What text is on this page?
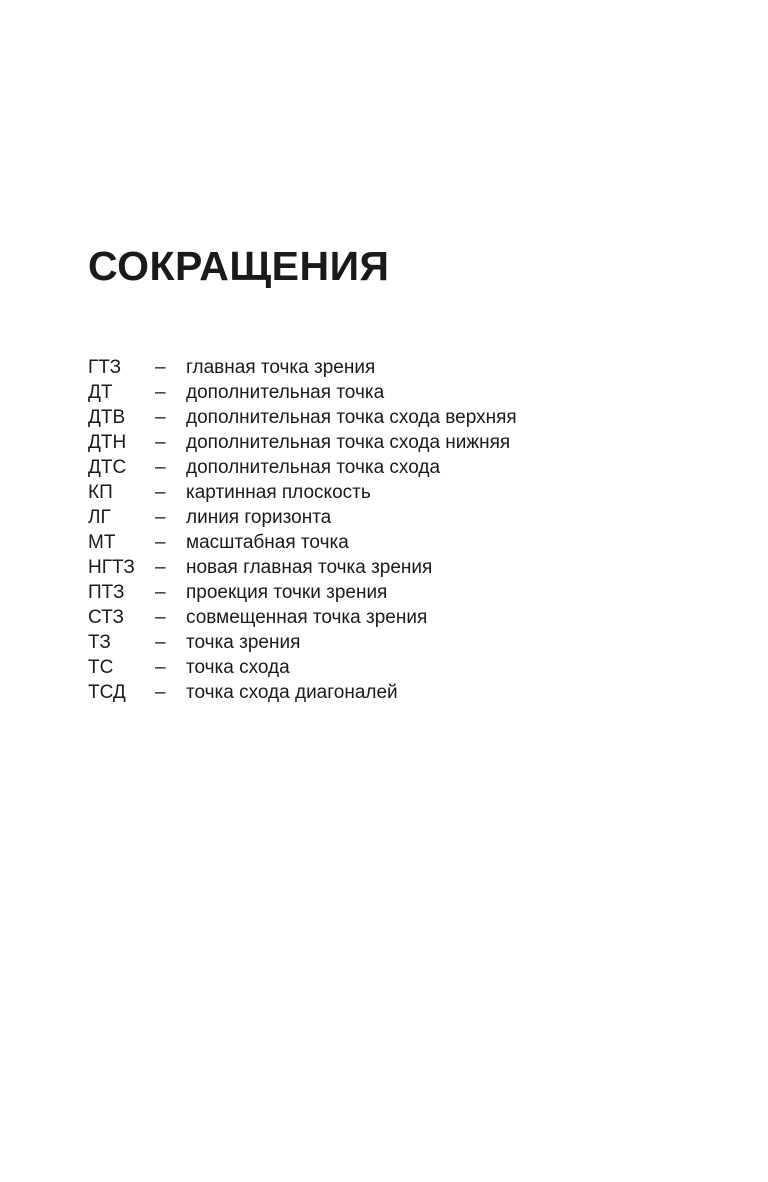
СОКРАЩЕНИЯ
ГТЗ – главная точка зрения
ДТ – дополнительная точка
ДТВ – дополнительная точка схода верхняя
ДТН – дополнительная точка схода нижняя
ДТС – дополнительная точка схода
КП – картинная плоскость
ЛГ – линия горизонта
МТ – масштабная точка
НГТЗ – новая главная точка зрения
ПТЗ – проекция точки зрения
СТЗ – совмещенная точка зрения
ТЗ – точка зрения
ТС – точка схода
ТСД – точка схода диагоналей
